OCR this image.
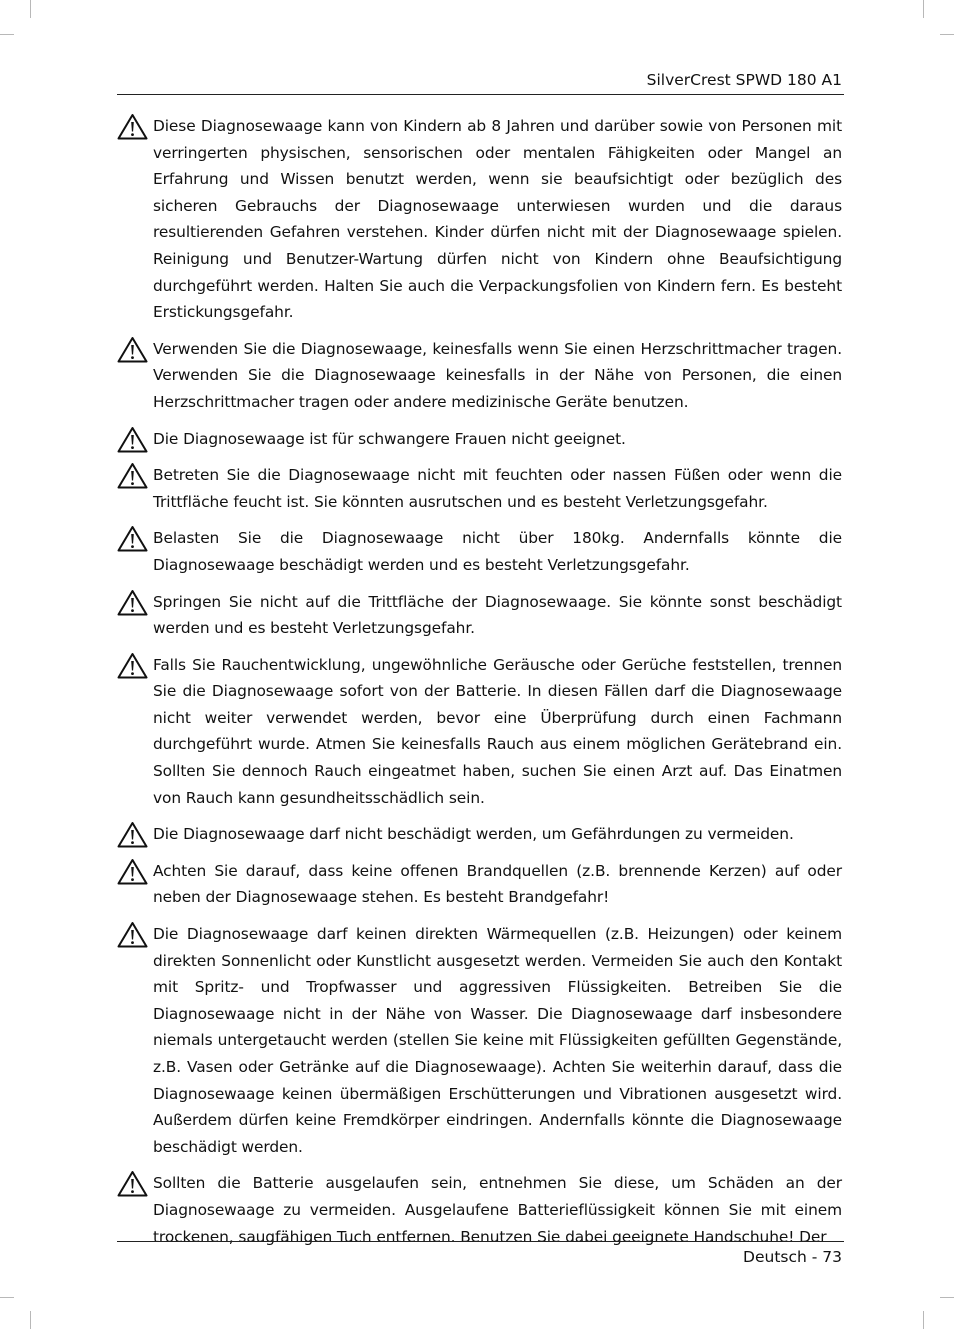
SilverCrest SPWD 180 A1

Diese Diagnosewaage kann von Kindern ab 8 Jahren und darüber sowie von Personen mit verringerten physischen, sensorischen oder mentalen Fähigkeiten oder Mangel an Erfahrung und Wissen benutzt werden, wenn sie beaufsichtigt oder bezüglich des sicheren Gebrauchs der Diagnosewaage unterwiesen wurden und die daraus resultierenden Gefahren verstehen. Kinder dürfen nicht mit der Diagnosewaage spielen. Reinigung und Benutzer-Wartung dürfen nicht von Kindern ohne Beaufsichtigung durchgeführt werden. Halten Sie auch die Verpackungsfolien von Kindern fern. Es besteht Erstickungsgefahr.

Verwenden Sie die Diagnosewaage, keinesfalls wenn Sie einen Herzschrittmacher tragen. Verwenden Sie die Diagnosewaage keinesfalls in der Nähe von Personen, die einen Herzschrittmacher tragen oder andere medizinische Geräte benutzen.

Die Diagnosewaage ist für schwangere Frauen nicht geeignet.

Betreten Sie die Diagnosewaage nicht mit feuchten oder nassen Füßen oder wenn die Trittfläche feucht ist. Sie könnten ausrutschen und es besteht Verletzungsgefahr.

Belasten Sie die Diagnosewaage nicht über 180kg. Andernfalls könnte die Diagnosewaage beschädigt werden und es besteht Verletzungsgefahr.

Springen Sie nicht auf die Trittfläche der Diagnosewaage. Sie könnte sonst beschädigt werden und es besteht Verletzungsgefahr.

Falls Sie Rauchentwicklung, ungewöhnliche Geräusche oder Gerüche feststellen, trennen Sie die Diagnosewaage sofort von der Batterie. In diesen Fällen darf die Diagnosewaage nicht weiter verwendet werden, bevor eine Überprüfung durch einen Fachmann durchgeführt wurde. Atmen Sie keinesfalls Rauch aus einem möglichen Gerätebrand ein. Sollten Sie dennoch Rauch eingeatmet haben, suchen Sie einen Arzt auf. Das Einatmen von Rauch kann gesundheitsschädlich sein.

Die Diagnosewaage darf nicht beschädigt werden, um Gefährdungen zu vermeiden.

Achten Sie darauf, dass keine offenen Brandquellen (z.B. brennende Kerzen) auf oder neben der Diagnosewaage stehen. Es besteht Brandgefahr!

Die Diagnosewaage darf keinen direkten Wärmequellen (z.B. Heizungen) oder keinem direkten Sonnenlicht oder Kunstlicht ausgesetzt werden. Vermeiden Sie auch den Kontakt mit Spritz- und Tropfwasser und aggressiven Flüssigkeiten. Betreiben Sie die Diagnosewaage nicht in der Nähe von Wasser. Die Diagnosewaage darf insbesondere niemals untergetaucht werden (stellen Sie keine mit Flüssigkeiten gefüllten Gegenstände, z.B. Vasen oder Getränke auf die Diagnosewaage). Achten Sie weiterhin darauf, dass die Diagnosewaage keinen übermäßigen Erschütterungen und Vibrationen ausgesetzt wird. Außerdem dürfen keine Fremdkörper eindringen. Andernfalls könnte die Diagnosewaage beschädigt werden.

Sollten die Batterie ausgelaufen sein, entnehmen Sie diese, um Schäden an der Diagnosewaage zu vermeiden. Ausgelaufene Batterieflüssigkeit können Sie mit einem trockenen, saugfähigen Tuch entfernen. Benutzen Sie dabei geeignete Handschuhe! Der

Deutsch - 73
